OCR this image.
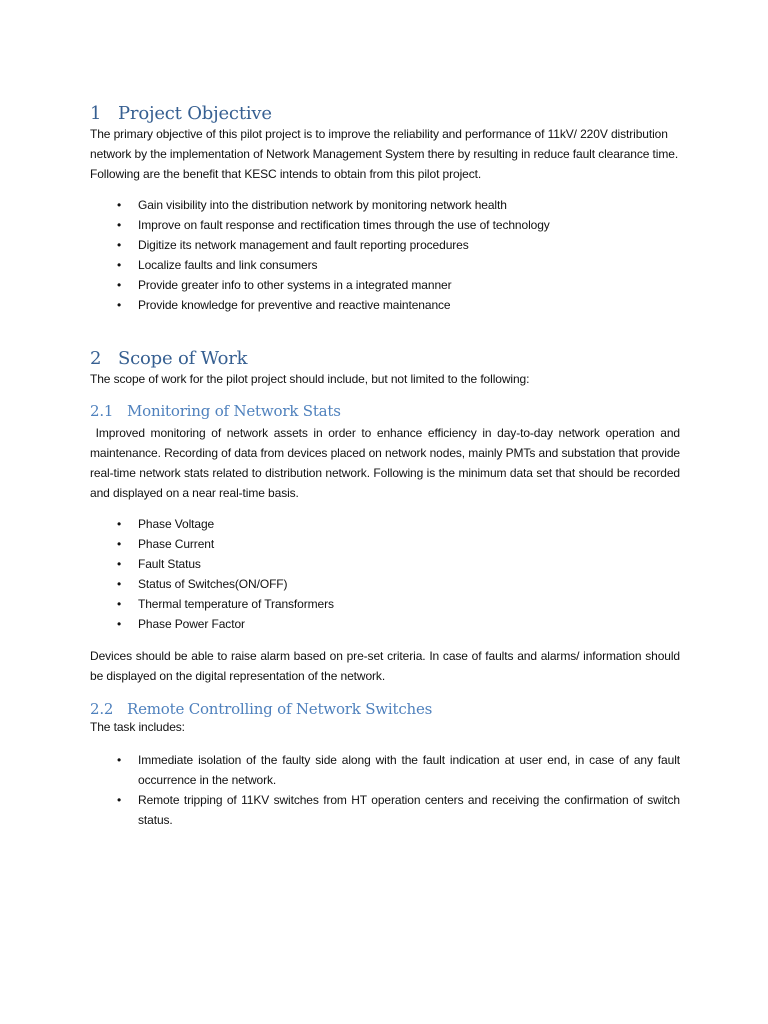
1 Project Objective

The primary objective of this pilot project is to improve the reliability and performance of 11kV/ 220V distribution network by the implementation of Network Management System there by resulting in reduce fault clearance time. Following are the benefit that KESC intends to obtain from this pilot project.

• Gain visibility into the distribution network by monitoring network health
• Improve on fault response and rectification times through the use of technology
• Digitize its network management and fault reporting procedures
• Localize faults and link consumers
• Provide greater info to other systems in a integrated manner
• Provide knowledge for preventive and reactive maintenance
2 Scope of Work

The scope of work for the pilot project should include, but not limited to the following:

2.1 Monitoring of Network Stats

Improved monitoring of network assets in order to enhance efficiency in day-to-day network operation and maintenance. Recording of data from devices placed on network nodes, mainly PMTs and substation that provide real-time network stats related to distribution network. Following is the minimum data set that should be recorded and displayed on a near real-time basis.

• Phase Voltage
• Phase Current
• Fault Status
• Status of Switches(ON/OFF)
• Thermal temperature of Transformers
• Phase Power Factor

Devices should be able to raise alarm based on pre-set criteria. In case of faults and alarms/ information should be displayed on the digital representation of the network.

2.2 Remote Controlling of Network Switches

The task includes:

• Immediate isolation of the faulty side along with the fault indication at user end, in case of any fault occurrence in the network.
• Remote tripping of 11KV switches from HT operation centers and receiving the confirmation of switch status.
